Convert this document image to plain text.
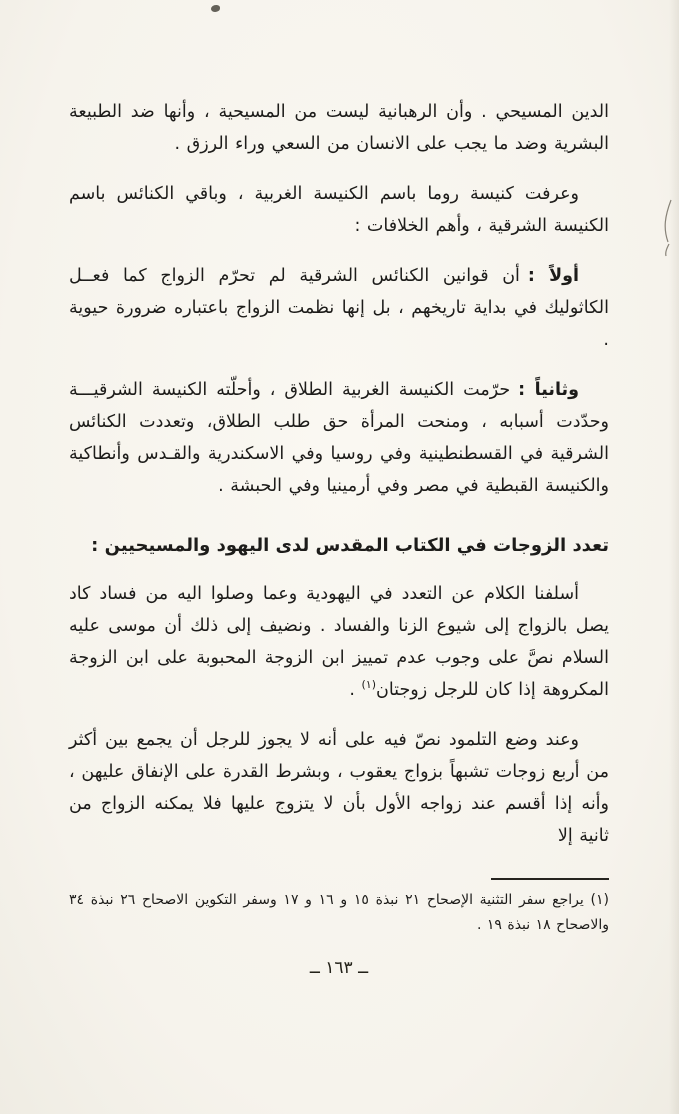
الدين المسيحي . وأن الرهبانية ليست من المسيحية ، وأنها ضد الطبيعة البشرية وضد ما يجب على الانسان من السعي وراء الرزق .

وعرفت كنيسة روما باسم الكنيسة الغربية ، وباقي الكنائس باسم الكنيسة الشرقية ، وأهم الخلافات :

أولاً :أن قوانين الكنائس الشرقية لم تحرّم الزواج كما فعــل الكاثوليك في بداية تاريخهم ، بل إنها نظمت الزواج باعتباره ضرورة حيوية .

وثانياً :حرّمت الكنيسة الغربية الطلاق ، وأحلّته الكنيسة الشرقيـــة وحدّدت أسبابه ، ومنحت المرأة حق طلب الطلاق، وتعددت الكنائس الشرقية في القسطنطينية وفي روسيا وفي الاسكندرية والقـدس وأنطاكية والكنيسة القبطية في مصر وفي أرمينيا وفي الحبشة .

تعدد الزوجات في الكتاب المقدس لدى اليهود والمسيحيين :

أسلفنا الكلام عن التعدد في اليهودية وعما وصلوا اليه من فساد كاد يصل بالزواج إلى شيوع الزنا والفساد . ونضيف إلى ذلك أن موسى عليه السلام نصَّ على وجوب عدم تمييز ابن الزوجة المحبوبة على ابن الزوجة المكروهة إذا كان للرجل زوجتان$^{(١)}$ .

وعند وضع التلمود نصّ فيه على أنه لا يجوز للرجل أن يجمع بين أكثر من أربع زوجات تشبهاً بزواج يعقوب ، وبشرط القدرة على الإنفاق عليهن ، وأنه إذا أقسم عند زواجه الأول بأن لا يتزوج عليها فلا يمكنه الزواج من ثانية إلا

(١) يراجع سفر التثنية الإصحاح ٢١ نبذة ١٥ و ١٦ و ١٧ وسفر التكوين الاصحاح ٢٦ نبذة ٣٤ والاصحاح ١٨ نبذة ١٩ .

ــ ١٦٣ ــ
